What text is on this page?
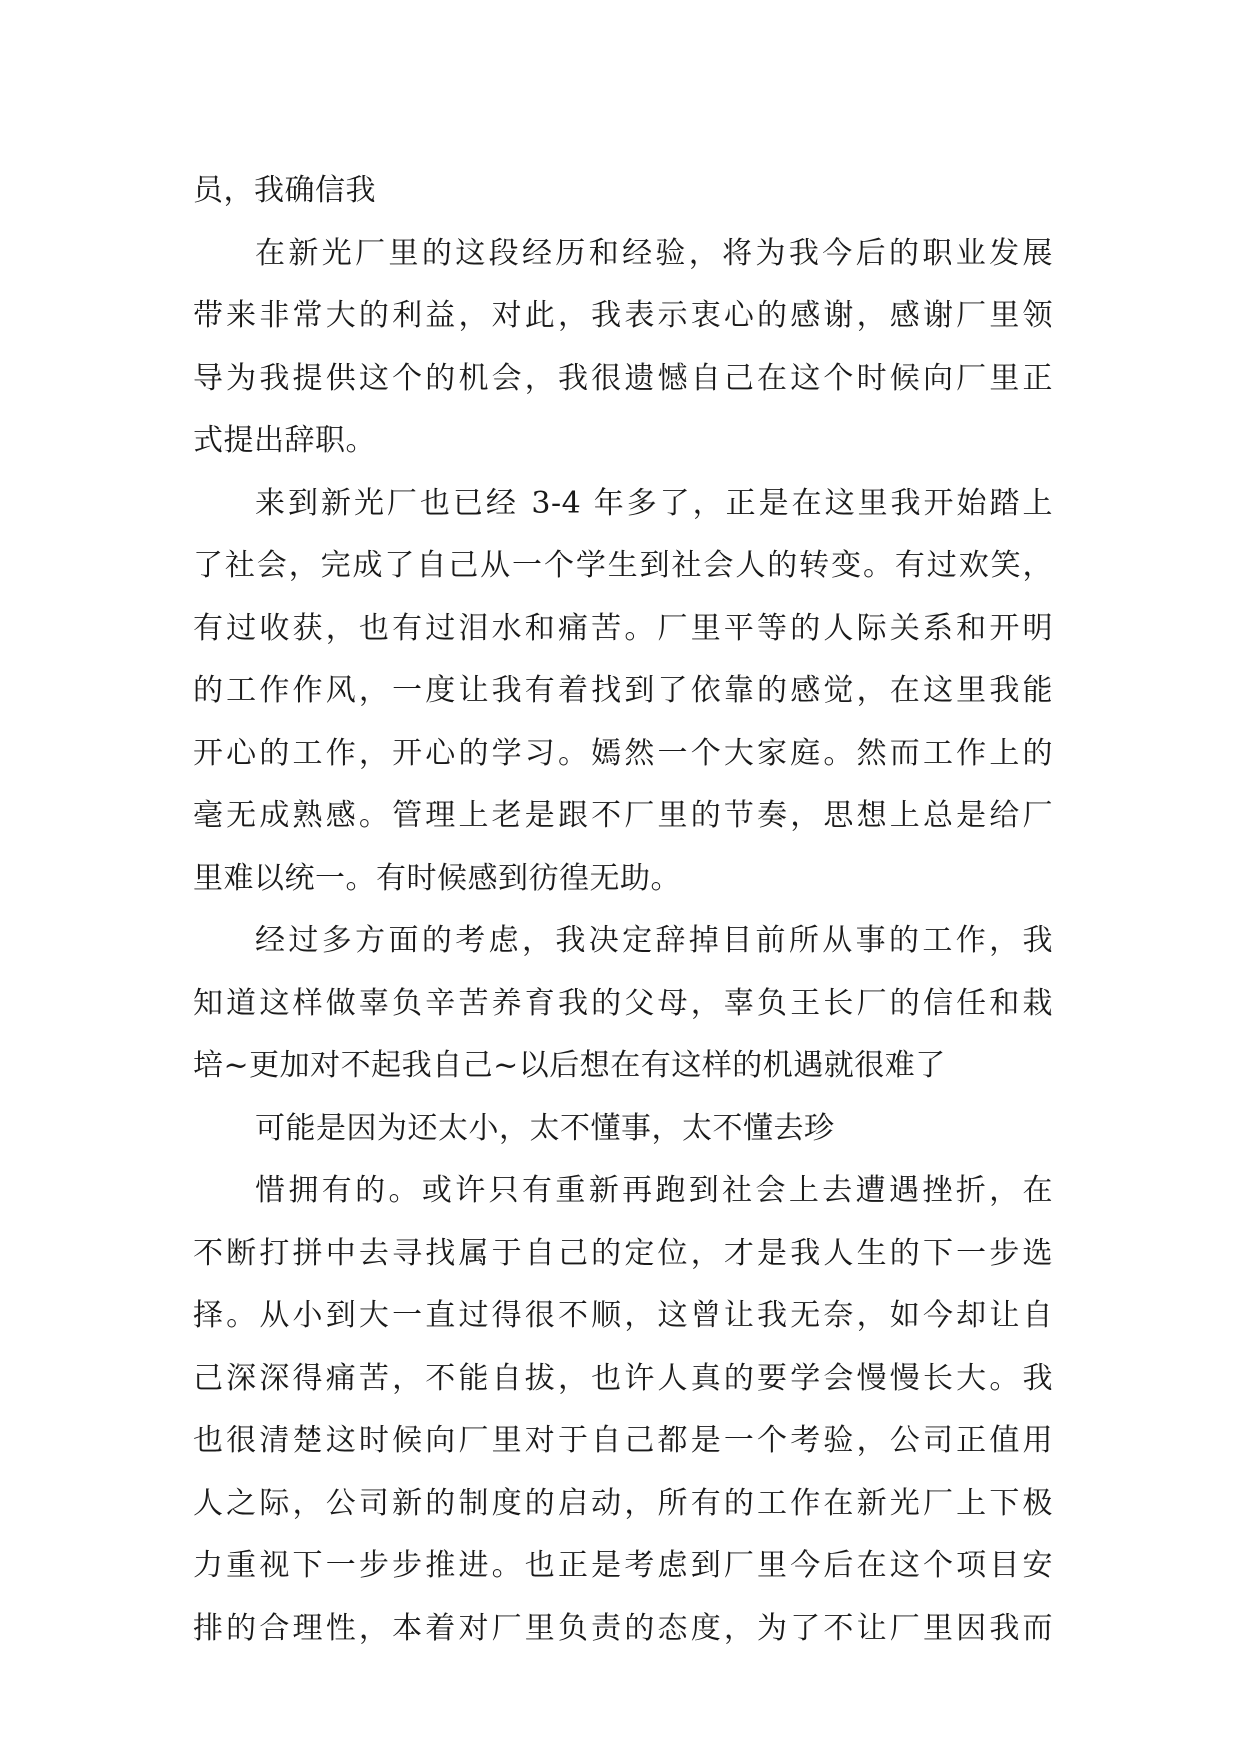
员，我确信我
在新光厂里的这段经历和经验，将为我今后的职业发展
带来非常大的利益，对此，我表示衷心的感谢，感谢厂里领
导为我提供这个的机会，我很遗憾自己在这个时候向厂里正
式提出辞职。
来到新光厂也已经 3-4 年多了，正是在这里我开始踏上
了社会，完成了自己从一个学生到社会人的转变。有过欢笑，
有过收获，也有过泪水和痛苦。厂里平等的人际关系和开明
的工作作风，一度让我有着找到了依靠的感觉，在这里我能
开心的工作，开心的学习。嫣然一个大家庭。然而工作上的
毫无成熟感。管理上老是跟不厂里的节奏，思想上总是给厂
里难以统一。有时候感到彷徨无助。
经过多方面的考虑，我决定辞掉目前所从事的工作，我
知道这样做辜负辛苦养育我的父母，辜负王长厂的信任和栽
培~更加对不起我自己~以后想在有这样的机遇就很难了
可能是因为还太小，太不懂事，太不懂去珍
惜拥有的。或许只有重新再跑到社会上去遭遇挫折，在
不断打拼中去寻找属于自己的定位，才是我人生的下一步选
择。从小到大一直过得很不顺，这曾让我无奈，如今却让自
己深深得痛苦，不能自拔，也许人真的要学会慢慢长大。我
也很清楚这时候向厂里对于自己都是一个考验，公司正值用
人之际，公司新的制度的启动，所有的工作在新光厂上下极
力重视下一步步推进。也正是考虑到厂里今后在这个项目安
排的合理性，本着对厂里负责的态度，为了不让厂里因我而
